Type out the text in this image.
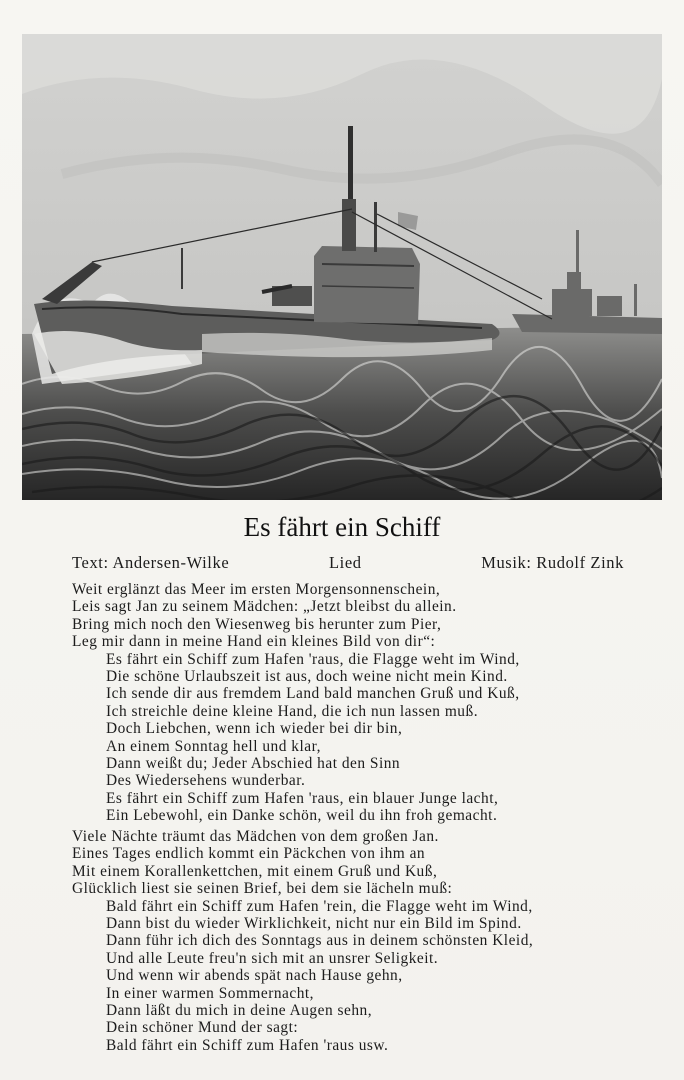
Es fährt ein Schiff
Text: Andersen-Wilke	Lied	Musik: Rudolf Zink
Weit erglänzt das Meer im ersten Morgensonnenschein,
Leis sagt Jan zu seinem Mädchen: „Jetzt bleibst du allein.
Bring mich noch den Wiesenweg bis herunter zum Pier,
Leg mir dann in meine Hand ein kleines Bild von dir“:
Es fährt ein Schiff zum Hafen 'raus, die Flagge weht im Wind,
Die schöne Urlaubszeit ist aus, doch weine nicht mein Kind.
Ich sende dir aus fremdem Land bald manchen Gruß und Kuß,
Ich streichle deine kleine Hand, die ich nun lassen muß.
Doch Liebchen, wenn ich wieder bei dir bin,
An einem Sonntag hell und klar,
Dann weißt du; Jeder Abschied hat den Sinn
Des Wiedersehens wunderbar.
Es fährt ein Schiff zum Hafen 'raus, ein blauer Junge lacht,
Ein Lebewohl, ein Danke schön, weil du ihn froh gemacht.
Viele Nächte träumt das Mädchen von dem großen Jan.
Eines Tages endlich kommt ein Päckchen von ihm an
Mit einem Korallenkettchen, mit einem Gruß und Kuß,
Glücklich liest sie seinen Brief, bei dem sie lächeln muß:
Bald fährt ein Schiff zum Hafen 'rein, die Flagge weht im Wind,
Dann bist du wieder Wirklichkeit, nicht nur ein Bild im Spind.
Dann führ ich dich des Sonntags aus in deinem schönsten Kleid,
Und alle Leute freu'n sich mit an unsrer Seligkeit.
Und wenn wir abends spät nach Hause gehn,
In einer warmen Sommernacht,
Dann läßt du mich in deine Augen sehn,
Dein schöner Mund der sagt:
Bald fährt ein Schiff zum Hafen 'raus usw.
